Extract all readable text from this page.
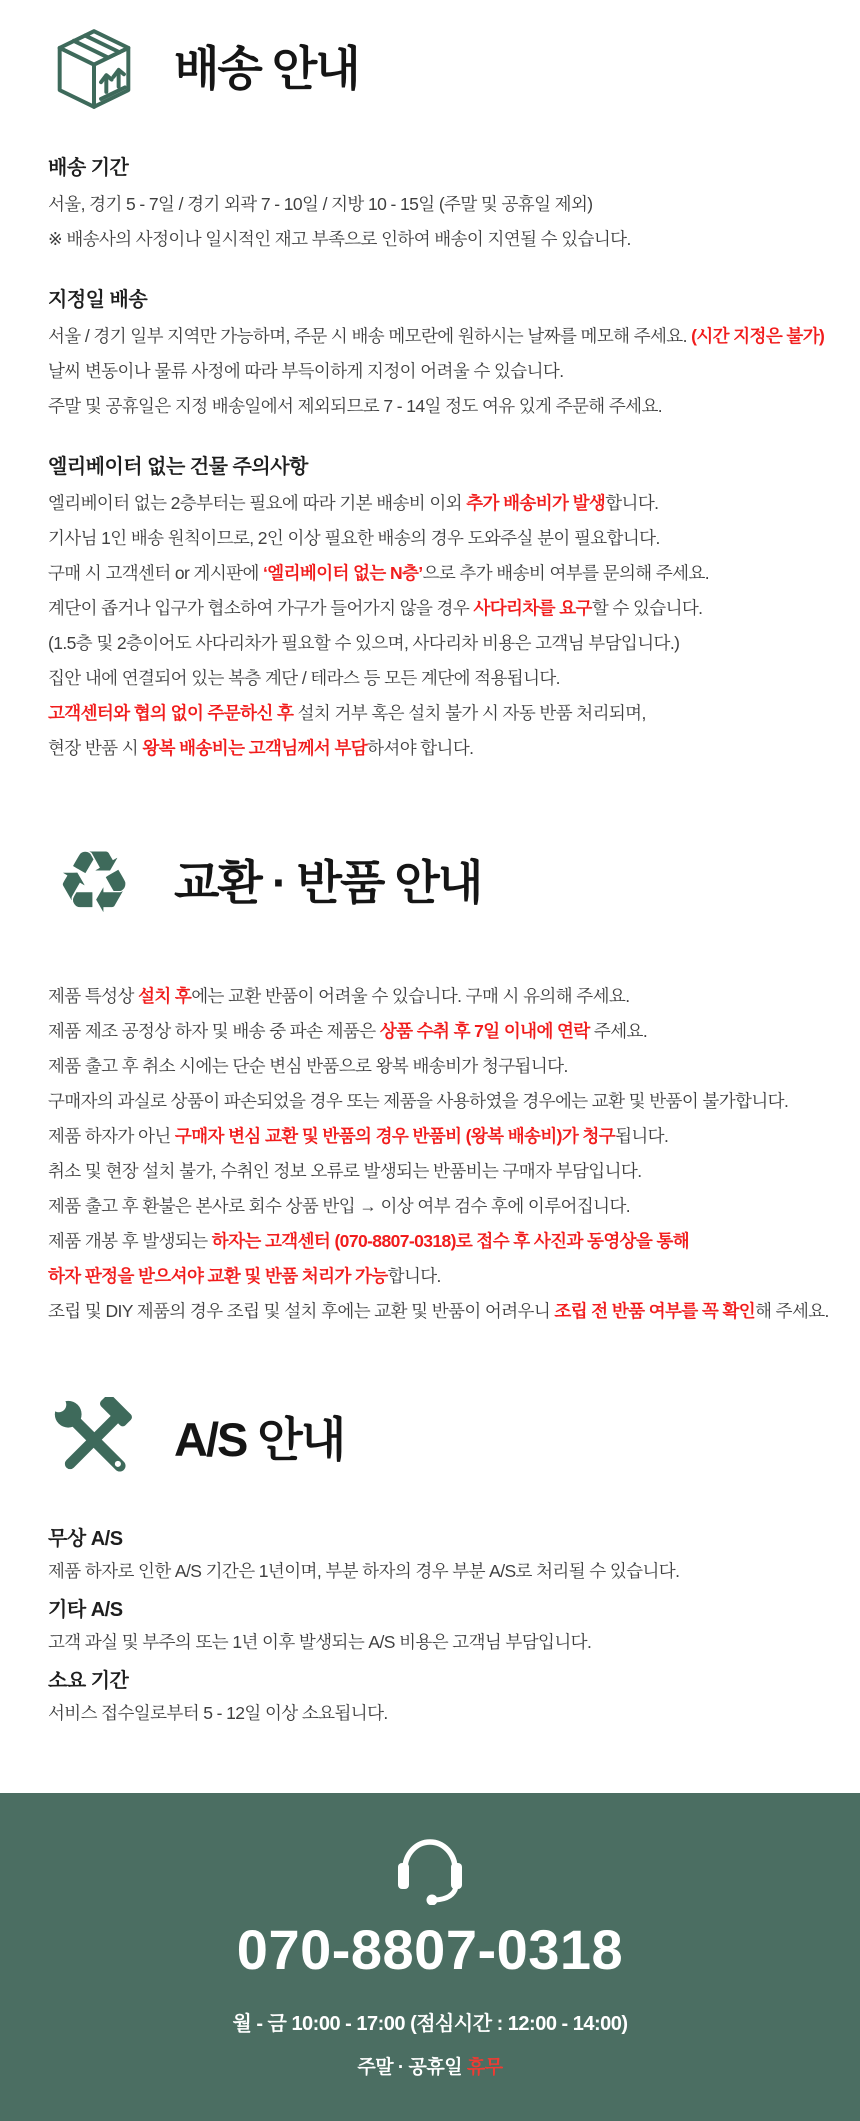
배송 안내
배송 기간

서울, 경기 5 - 7일 / 경기 외곽 7 - 10일 / 지방 10 - 15일 (주말 및 공휴일 제외)

※ 배송사의 사정이나 일시적인 재고 부족으로 인하여 배송이 지연될 수 있습니다.

지정일 배송

서울 / 경기 일부 지역만 가능하며, 주문 시 배송 메모란에 원하시는 날짜를 메모해 주세요. (시간 지정은 불가)

날씨 변동이나 물류 사정에 따라 부득이하게 지정이 어려울 수 있습니다.

주말 및 공휴일은 지정 배송일에서 제외되므로 7 - 14일 정도 여유 있게 주문해 주세요.

엘리베이터 없는 건물 주의사항

엘리베이터 없는 2층부터는 필요에 따라 기본 배송비 이외 추가 배송비가 발생합니다.

기사님 1인 배송 원칙이므로, 2인 이상 필요한 배송의 경우 도와주실 분이 필요합니다.

구매 시 고객센터 or 게시판에 ‘엘리베이터 없는 N층’으로 추가 배송비 여부를 문의해 주세요.

계단이 좁거나 입구가 협소하여 가구가 들어가지 않을 경우 사다리차를 요구할 수 있습니다.

(1.5층 및 2층이어도 사다리차가 필요할 수 있으며, 사다리차 비용은 고객님 부담입니다.)

집안 내에 연결되어 있는 복층 계단 / 테라스 등 모든 계단에 적용됩니다.

고객센터와 협의 없이 주문하신 후 설치 거부 혹은 설치 불가 시 자동 반품 처리되며,

현장 반품 시 왕복 배송비는 고객님께서 부담하셔야 합니다.

♻ 교환 · 반품 안내

제품 특성상 설치 후에는 교환 반품이 어려울 수 있습니다. 구매 시 유의해 주세요.

제품 제조 공정상 하자 및 배송 중 파손 제품은 상품 수취 후 7일 이내에 연락 주세요.

제품 출고 후 취소 시에는 단순 변심 반품으로 왕복 배송비가 청구됩니다.

구매자의 과실로 상품이 파손되었을 경우 또는 제품을 사용하였을 경우에는 교환 및 반품이 불가합니다.

제품 하자가 아닌 구매자 변심 교환 및 반품의 경우 반품비 (왕복 배송비)가 청구됩니다.

취소 및 현장 설치 불가, 수취인 정보 오류로 발생되는 반품비는 구매자 부담입니다.

제품 출고 후 환불은 본사로 회수 상품 반입 → 이상 여부 검수 후에 이루어집니다.

제품 개봉 후 발생되는 하자는 고객센터 (070-8807-0318)로 접수 후 사진과 동영상을 통해

하자 판정을 받으셔야 교환 및 반품 처리가 가능합니다.

조립 및 DIY 제품의 경우 조립 및 설치 후에는 교환 및 반품이 어려우니 조립 전 반품 여부를 꼭 확인해 주세요.

A/S 안내
무상 A/S

제품 하자로 인한 A/S 기간은 1년이며, 부분 하자의 경우 부분 A/S로 처리될 수 있습니다.

기타 A/S

고객 과실 및 부주의 또는 1년 이후 발생되는 A/S 비용은 고객님 부담입니다.

소요 기간

서비스 접수일로부터 5 - 12일 이상 소요됩니다.

070-8807-0318
월 - 금 10:00 - 17:00 (점심시간 : 12:00 - 14:00)
주말 · 공휴일 휴무
